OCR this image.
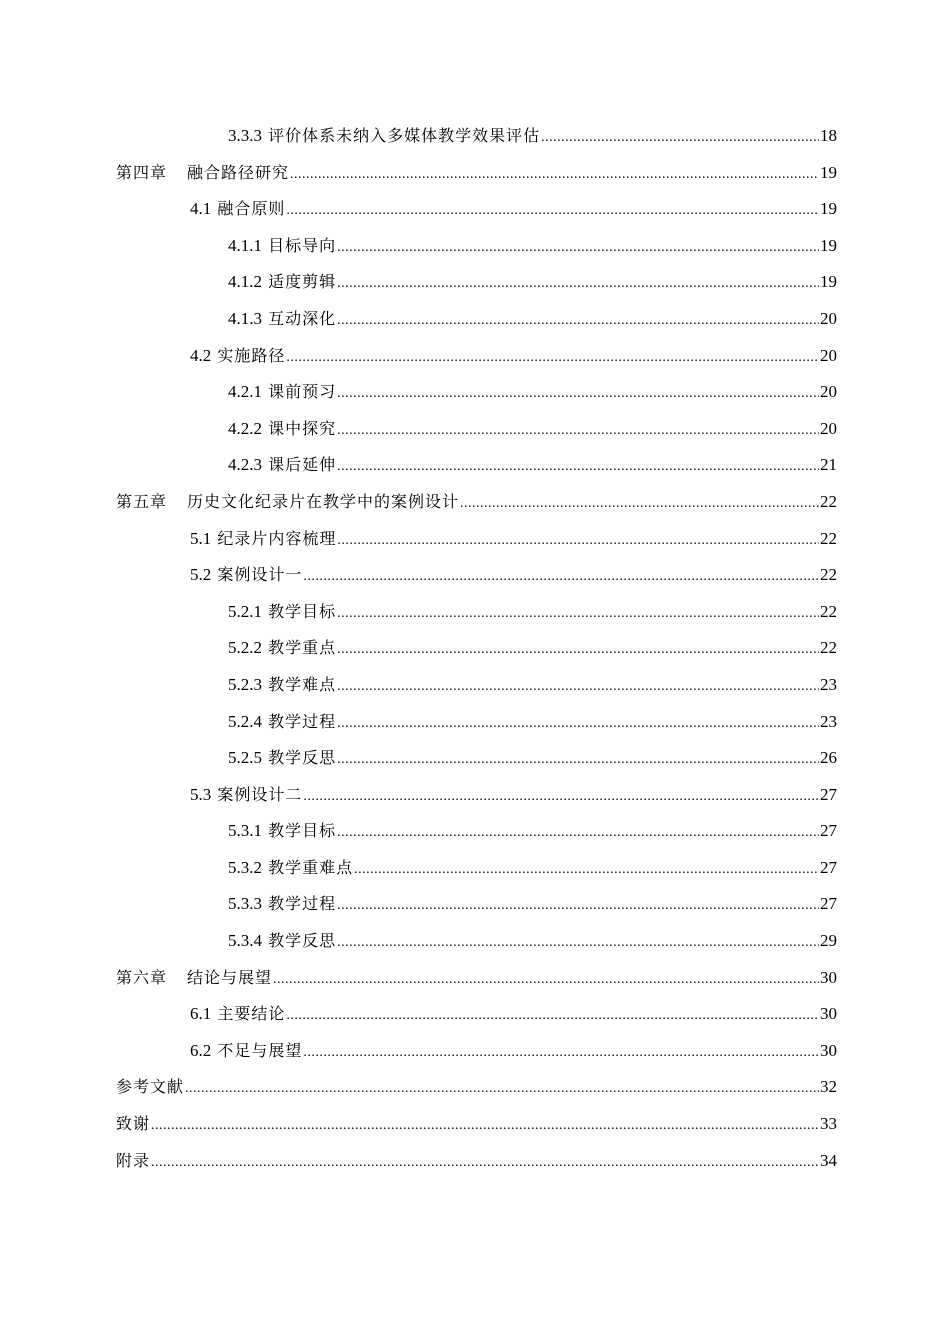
3.3.3 评价体系未纳入多媒体教学效果评估 .....	18
第四章 融合路径研究 .....	19
4.1 融合原则 .....	19
4.1.1 目标导向 .....	19
4.1.2 适度剪辑 .....	19
4.1.3 互动深化 .....	20
4.2 实施路径 .....	20
4.2.1 课前预习 .....	20
4.2.2 课中探究 .....	20
4.2.3 课后延伸 .....	21
第五章 历史文化纪录片在教学中的案例设计 .....	22
5.1 纪录片内容梳理 .....	22
5.2 案例设计一 .....	22
5.2.1 教学目标 .....	22
5.2.2 教学重点 .....	22
5.2.3 教学难点 .....	23
5.2.4 教学过程 .....	23
5.2.5 教学反思 .....	26
5.3 案例设计二 .....	27
5.3.1 教学目标 .....	27
5.3.2 教学重难点 .....	27
5.3.3 教学过程 .....	27
5.3.4 教学反思 .....	29
第六章 结论与展望 .....	30
6.1 主要结论 .....	30
6.2 不足与展望 .....	30
参考文献 .....	32
致谢 .....	33
附录 .....	34
